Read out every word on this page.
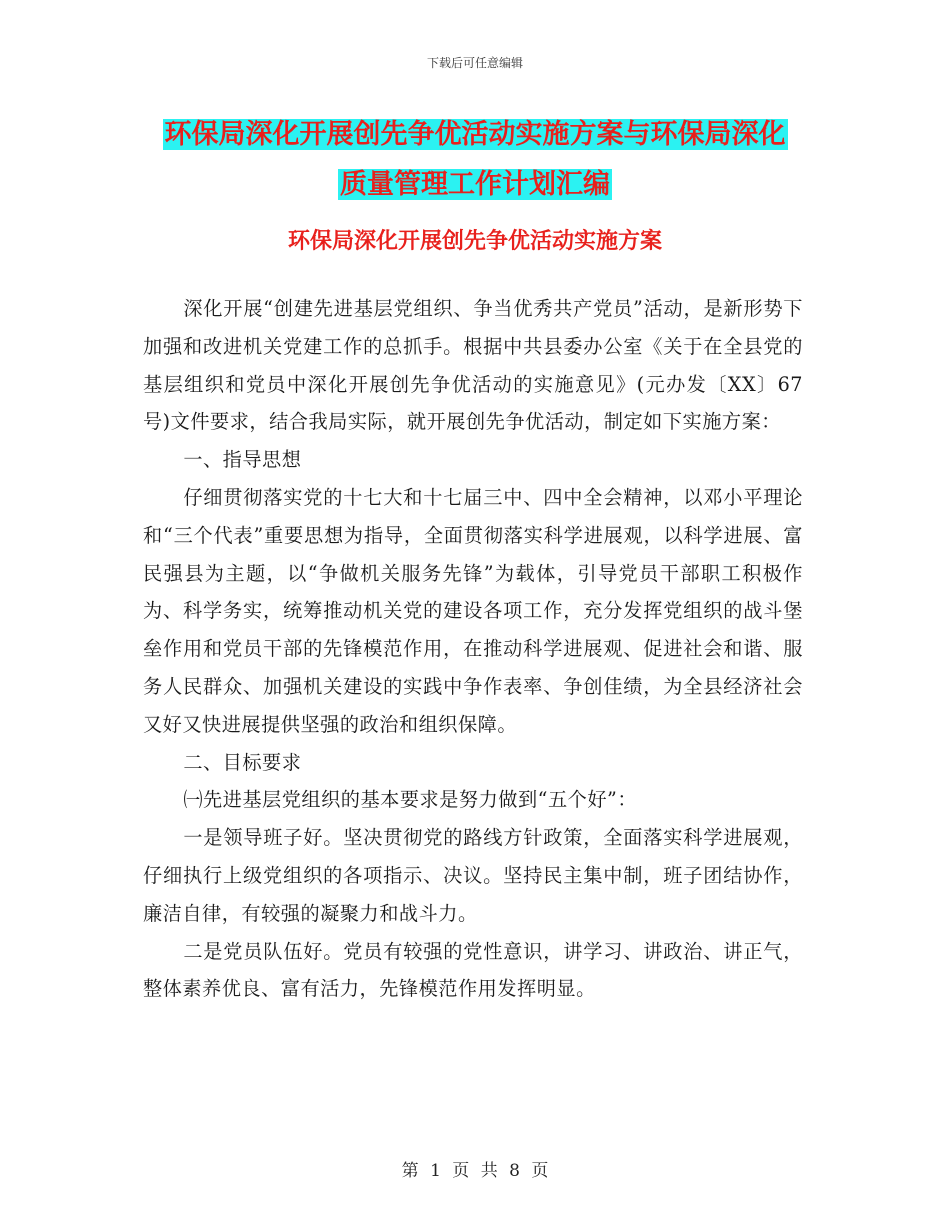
下载后可任意编辑
环保局深化开展创先争优活动实施方案与环保局深化
质量管理工作计划汇编
环保局深化开展创先争优活动实施方案

深化开展“创建先进基层党组织、争当优秀共产党员”活动，是新形势下加强和改进机关党建工作的总抓手。根据中共县委办公室《关于在全县党的基层组织和党员中深化开展创先争优活动的实施意见》(元办发〔XX〕67号)文件要求，结合我局实际，就开展创先争优活动，制定如下实施方案：

一、指导思想

仔细贯彻落实党的十七大和十七届三中、四中全会精神，以邓小平理论和“三个代表”重要思想为指导，全面贯彻落实科学进展观，以科学进展、富民强县为主题，以“争做机关服务先锋”为载体，引导党员干部职工积极作为、科学务实，统筹推动机关党的建设各项工作，充分发挥党组织的战斗堡垒作用和党员干部的先锋模范作用，在推动科学进展观、促进社会和谐、服务人民群众、加强机关建设的实践中争作表率、争创佳绩，为全县经济社会又好又快进展提供坚强的政治和组织保障。

二、目标要求

㈠先进基层党组织的基本要求是努力做到“五个好”：

一是领导班子好。坚决贯彻党的路线方针政策，全面落实科学进展观，仔细执行上级党组织的各项指示、决议。坚持民主集中制，班子团结协作，廉洁自律，有较强的凝聚力和战斗力。

二是党员队伍好。党员有较强的党性意识，讲学习、讲政治、讲正气，整体素养优良、富有活力，先锋模范作用发挥明显。

第 1 页 共 8 页
